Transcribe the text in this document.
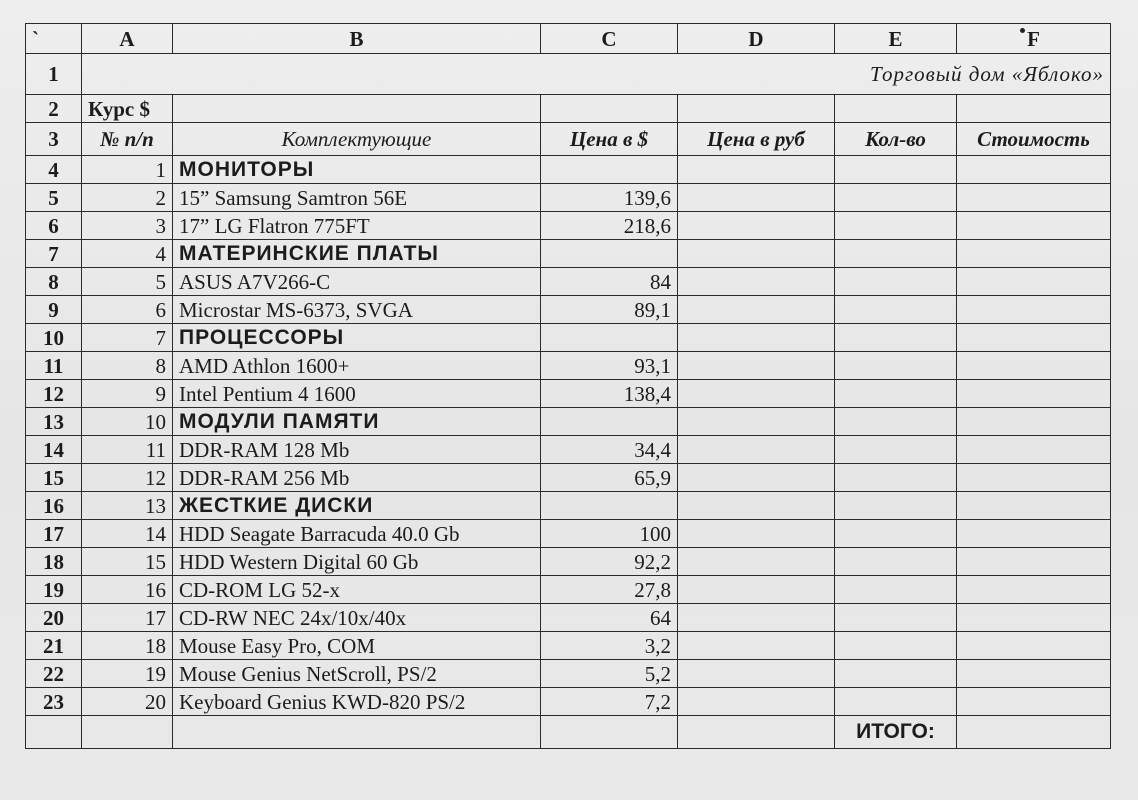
`	A	B	C	D	E	F
1	Торговый дом «Яблоко»					
2	Курс $					
3	№ п/п	Комплектующие	Цена в $	Цена в руб	Кол-во	Стоимость
4	1	МОНИТОРЫ				
5	2	15” Samsung Samtron 56E	139,6			
6	3	17” LG Flatron 775FT	218,6			
7	4	МАТЕРИНСКИЕ ПЛАТЫ				
8	5	ASUS A7V266-C	84			
9	6	Microstar MS-6373, SVGA	89,1			
10	7	ПРОЦЕССОРЫ				
11	8	AMD Athlon 1600+	93,1			
12	9	Intel Pentium 4 1600	138,4			
13	10	МОДУЛИ ПАМЯТИ				
14	11	DDR-RAM 128 Mb	34,4			
15	12	DDR-RAM 256 Mb	65,9			
16	13	ЖЕСТКИЕ ДИСКИ				
17	14	HDD Seagate Barracuda 40.0 Gb	100			
18	15	HDD Western Digital 60 Gb	92,2			
19	16	CD-ROM LG 52-x	27,8			
20	17	CD-RW NEC 24x/10x/40x	64			
21	18	Mouse Easy Pro, COM	3,2			
22	19	Mouse Genius NetScroll, PS/2	5,2			
23	20	Keyboard Genius KWD-820 PS/2	7,2			
					ИТОГО:	
